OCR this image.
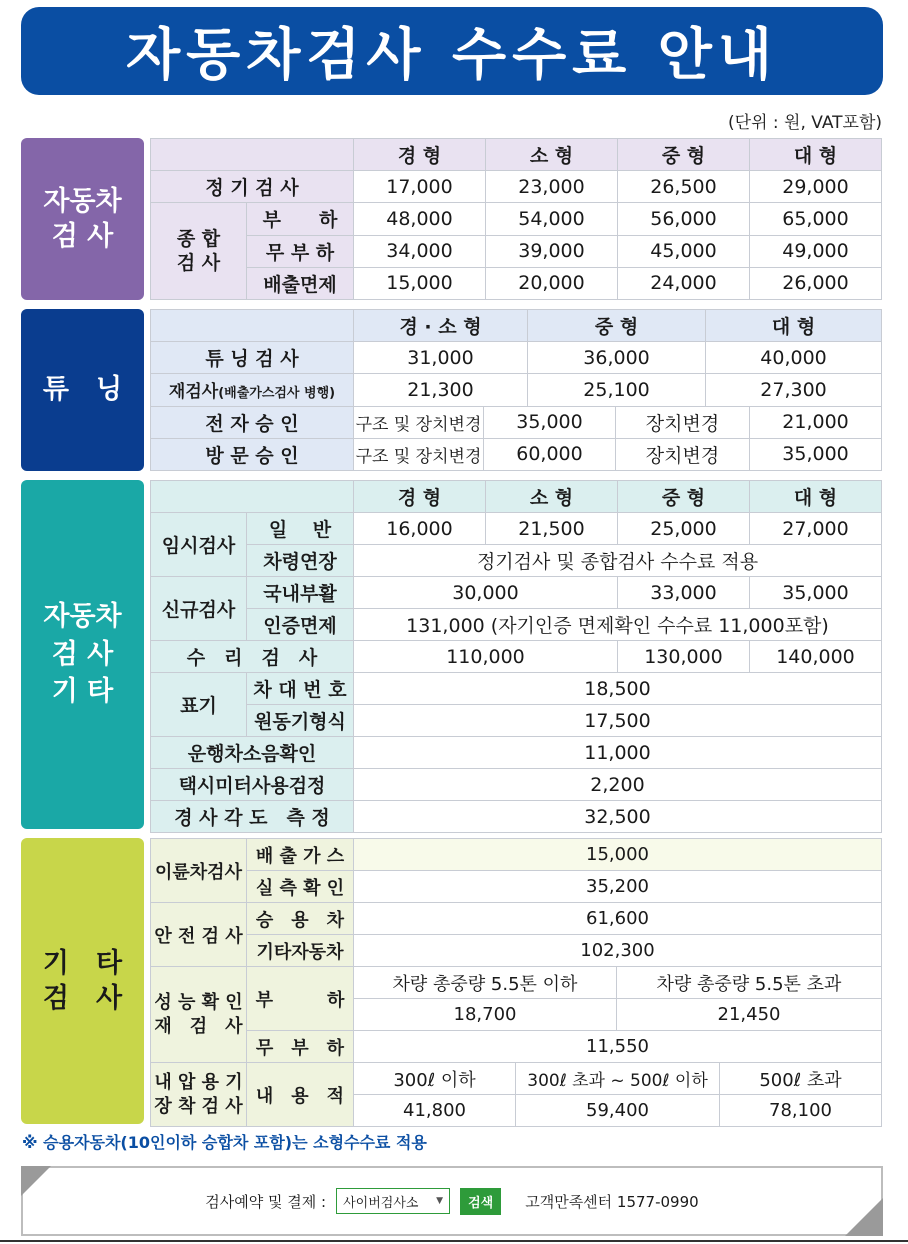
자동차검사 수수료 안내
(단위 : 원, VAT포함)
자동차
검 사
		경 형	소 형	중 형	대 형
정 기 검 사		17,000	23,000	26,500	29,000
종 합
검 사	부　　하	48,000	54,000	56,000	65,000
	무 부 하	34,000	39,000	45,000	49,000
	배출면제	15,000	20,000	24,000	26,000
튜　닝
	경 · 소 형		중 형		대 형	
튜 닝 검 사	31,000		36,000		40,000	
재검사(배출가스검사 병행)	21,300		25,100		27,300	
전 자 승 인	구조 및 장치변경	35,000		장치변경		21,000
방 문 승 인	구조 및 장치변경	60,000		장치변경		35,000
자동차
검 사
기 타
		경 형	소 형	중 형	대 형
임시검사	일　 반	16,000	21,500	25,000	27,000
	차령연장	정기검사 및 종합검사 수수료 적용			
신규검사	국내부활	30,000		33,000	35,000
	인증면제	131,000 (자기인증 면제확인 수수료 11,000포함)			
수　리　검　사		110,000		130,000	140,000
표기	차 대 번 호	18,500			
	원동기형식	17,500			
운행차소음확인		11,000			
택시미터사용검정		2,200			
경 사 각 도　측 정		32,500			
기　타
검　사
이륜차검사	배 출 가 스	15,000			
	실 측 확 인	35,200			
안 전 검 사	승　용　차	61,600			
	기타자동차	102,300			
성 능 확 인
재　검　사	부　　　하	차량 총중량 5.5톤 이하		차량 총중량 5.5톤 초과	
		18,700		21,450	
	무　부　하	11,550			
내 압 용 기
장 착 검 사	내　용　적	300ℓ 이하	300ℓ 초과 ~ 500ℓ 이하		500ℓ 초과
		41,800	59,400		78,100
※ 승용자동차(10인이하 승합차 포함)는 소형수수료 적용
검사예약 및 결제 : 사이버검사소 ▼	검색	고객만족센터 1577-0990
